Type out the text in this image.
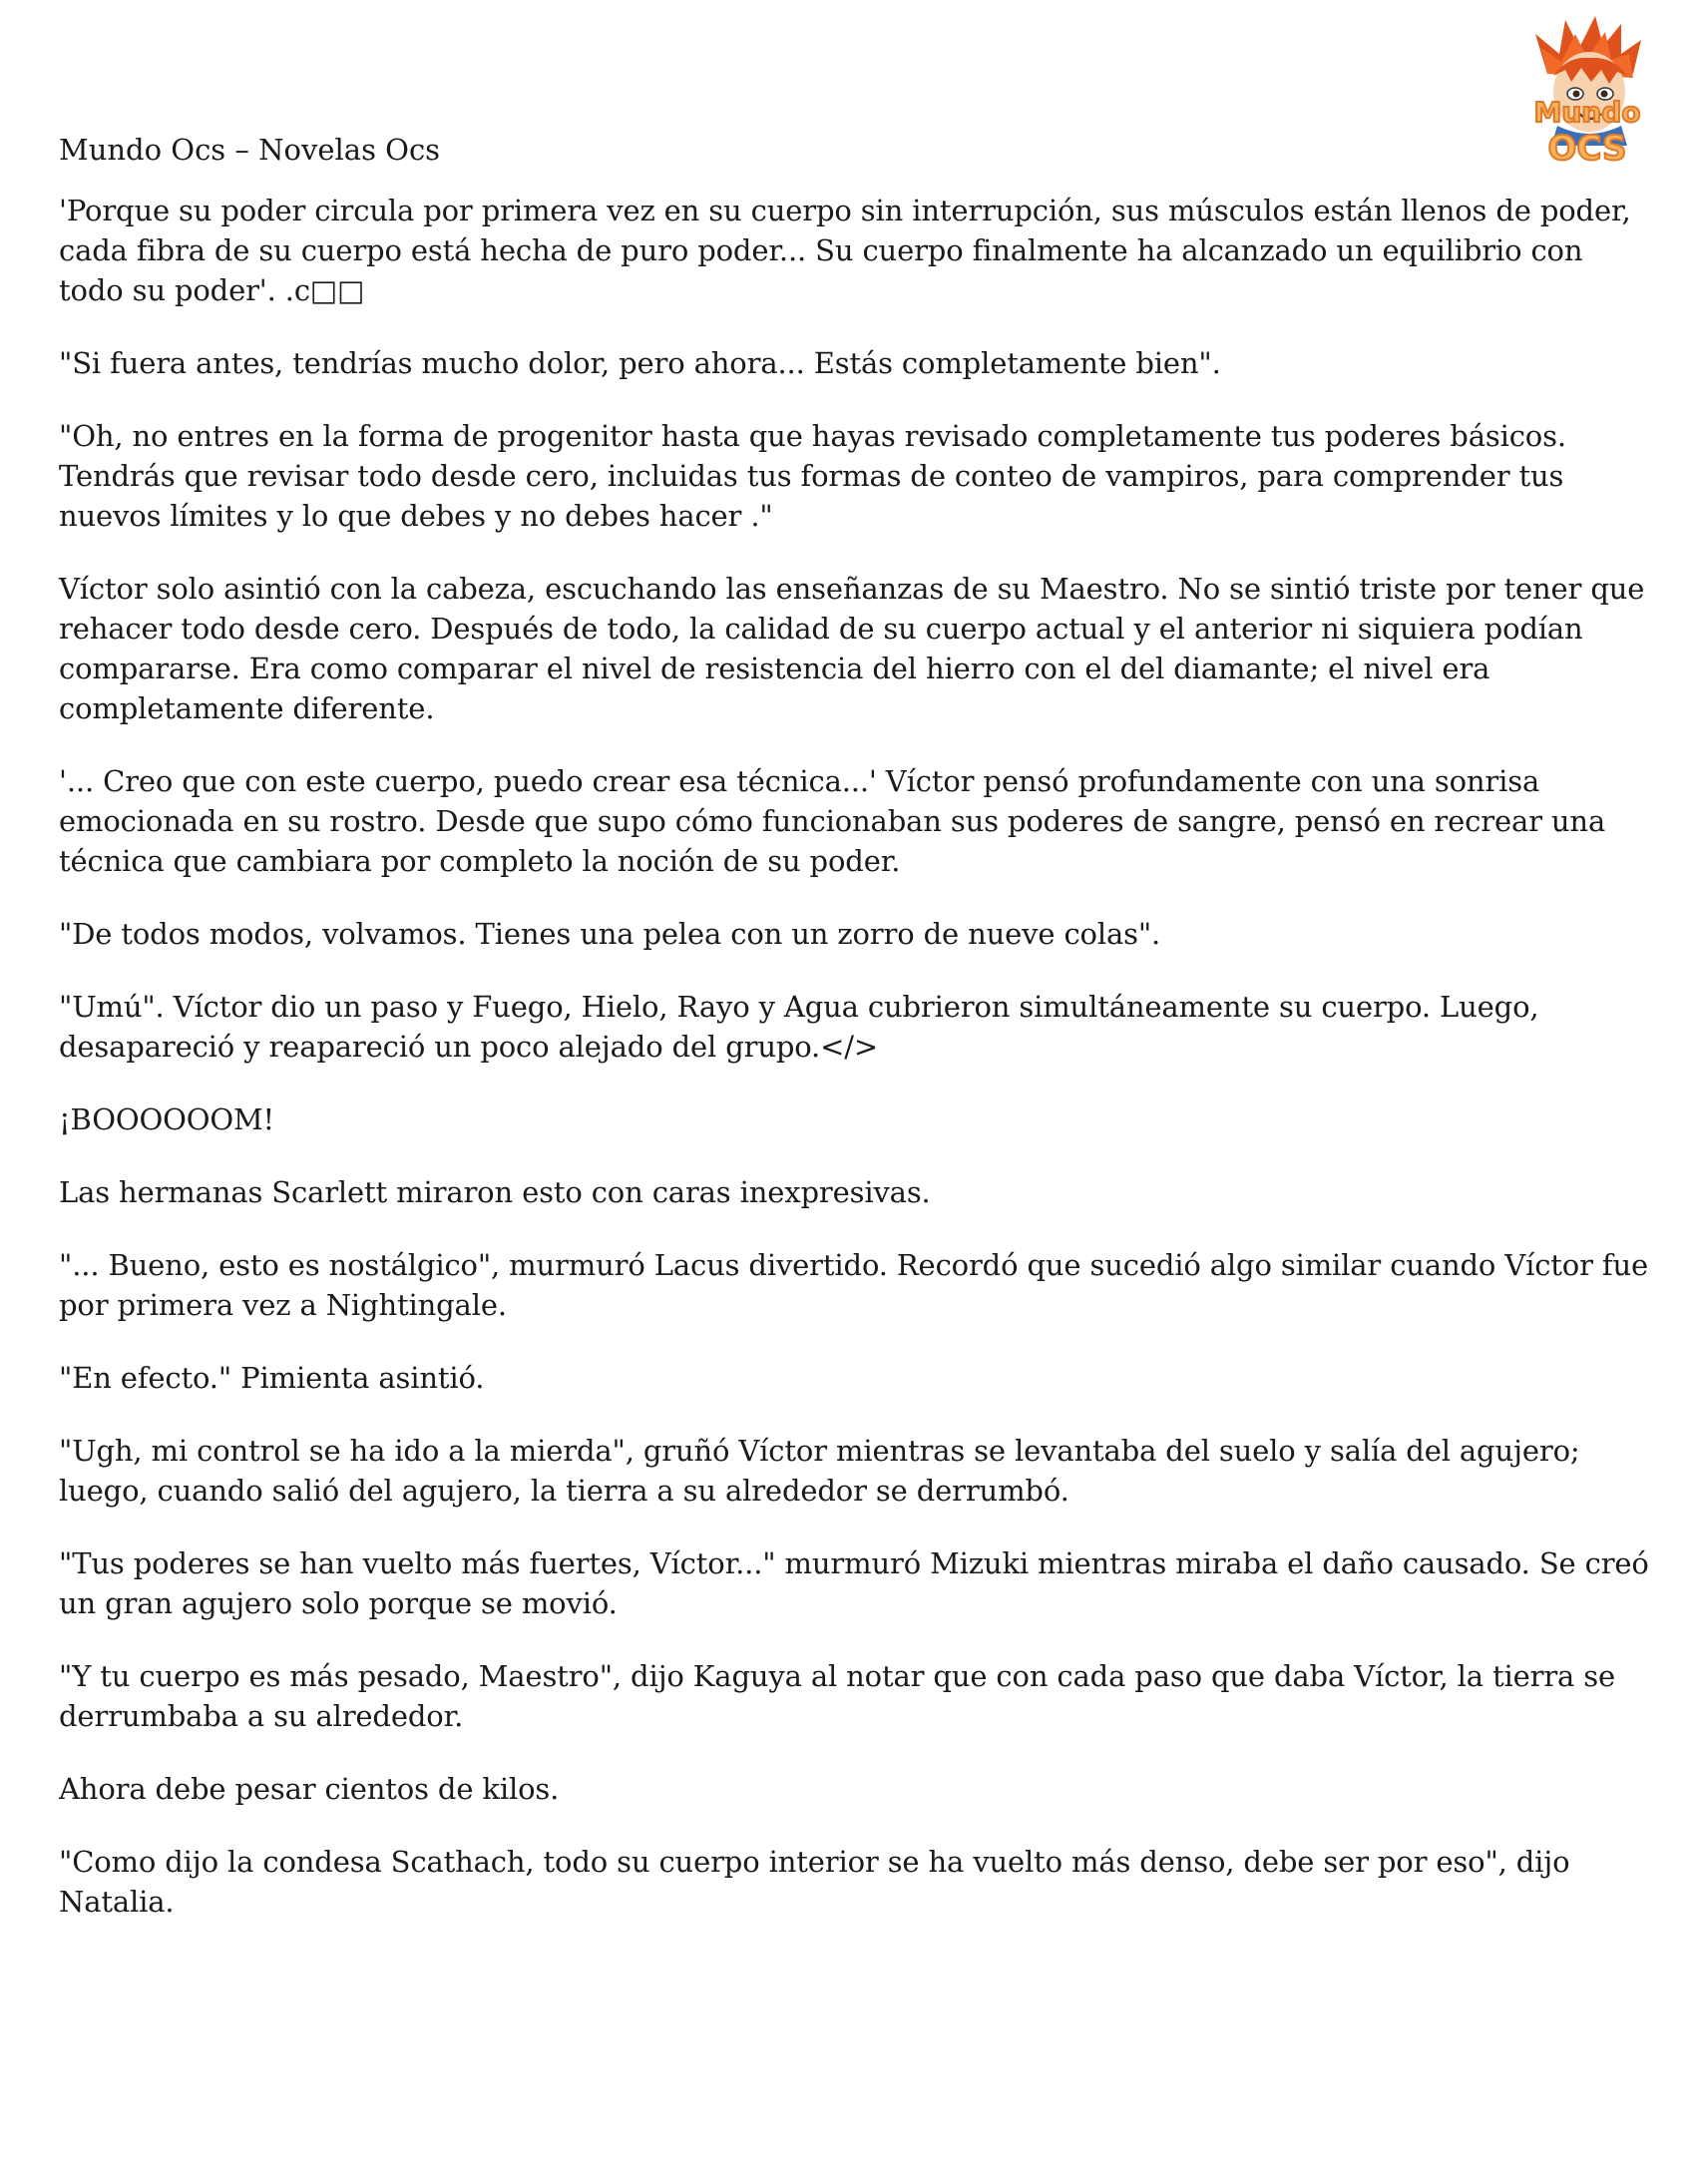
Mundo
OCS

Mundo Ocs – Novelas Ocs

'Porque su poder circula por primera vez en su cuerpo sin interrupción, sus músculos están llenos de poder, cada fibra de su cuerpo está hecha de puro poder... Su cuerpo finalmente ha alcanzado un equilibrio con todo su poder'. .c□□

"Si fuera antes, tendrías mucho dolor, pero ahora... Estás completamente bien".

"Oh, no entres en la forma de progenitor hasta que hayas revisado completamente tus poderes básicos. Tendrás que revisar todo desde cero, incluidas tus formas de conteo de vampiros, para comprender tus nuevos límites y lo que debes y no debes hacer ."

Víctor solo asintió con la cabeza, escuchando las enseñanzas de su Maestro. No se sintió triste por tener que rehacer todo desde cero. Después de todo, la calidad de su cuerpo actual y el anterior ni siquiera podían compararse. Era como comparar el nivel de resistencia del hierro con el del diamante; el nivel era completamente diferente.

'... Creo que con este cuerpo, puedo crear esa técnica...' Víctor pensó profundamente con una sonrisa emocionada en su rostro. Desde que supo cómo funcionaban sus poderes de sangre, pensó en recrear una técnica que cambiara por completo la noción de su poder.

"De todos modos, volvamos. Tienes una pelea con un zorro de nueve colas".

"Umú". Víctor dio un paso y Fuego, Hielo, Rayo y Agua cubrieron simultáneamente su cuerpo. Luego, desapareció y reapareció un poco alejado del grupo.</>

¡BOOOOOOM!

Las hermanas Scarlett miraron esto con caras inexpresivas.

"... Bueno, esto es nostálgico", murmuró Lacus divertido. Recordó que sucedió algo similar cuando Víctor fue por primera vez a Nightingale.

"En efecto." Pimienta asintió.

"Ugh, mi control se ha ido a la mierda", gruñó Víctor mientras se levantaba del suelo y salía del agujero; luego, cuando salió del agujero, la tierra a su alrededor se derrumbó.

"Tus poderes se han vuelto más fuertes, Víctor..." murmuró Mizuki mientras miraba el daño causado. Se creó un gran agujero solo porque se movió.

"Y tu cuerpo es más pesado, Maestro", dijo Kaguya al notar que con cada paso que daba Víctor, la tierra se derrumbaba a su alrededor.

Ahora debe pesar cientos de kilos.

"Como dijo la condesa Scathach, todo su cuerpo interior se ha vuelto más denso, debe ser por eso", dijo Natalia.
